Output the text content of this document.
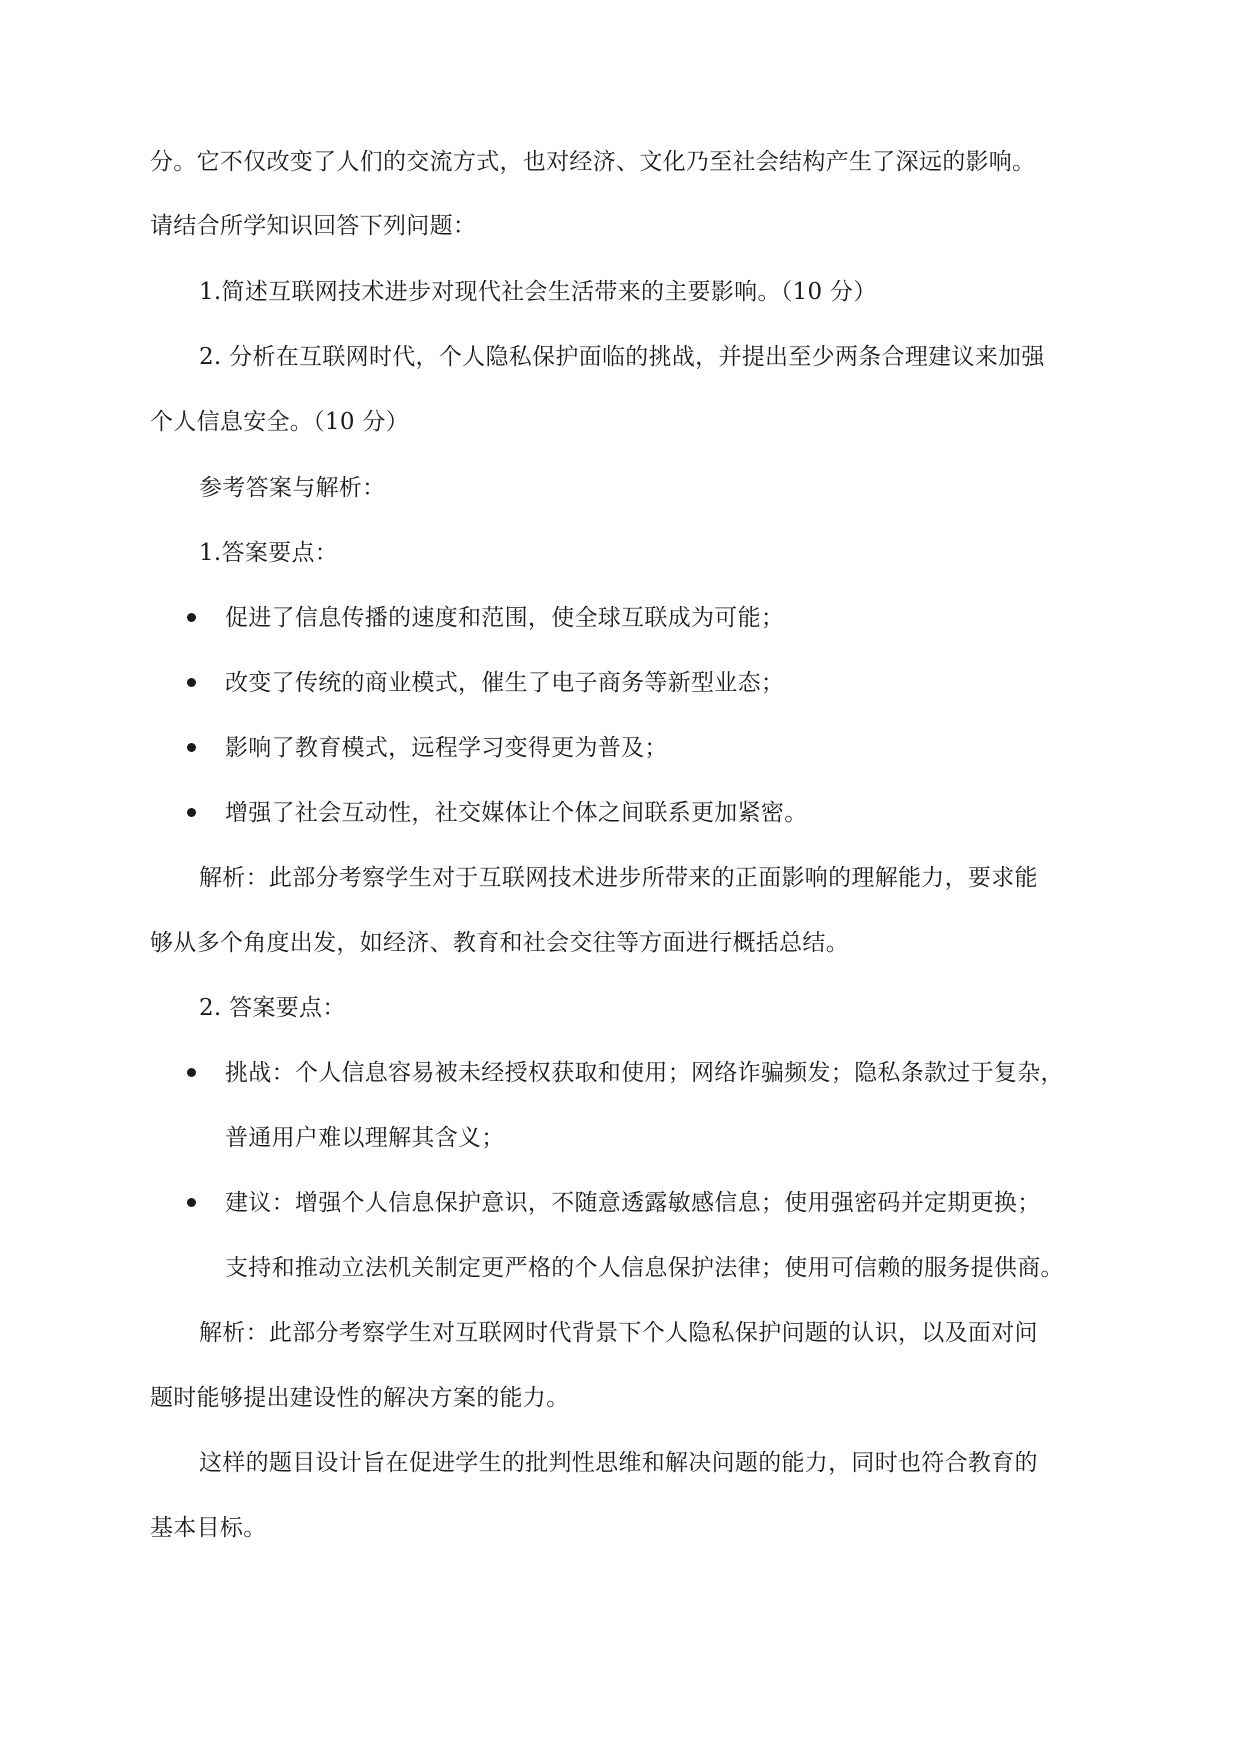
分。它不仅改变了人们的交流方式，也对经济、文化乃至社会结构产生了深远的影响。
请结合所学知识回答下列问题：
1.简述互联网技术进步对现代社会生活带来的主要影响。（10 分）
2. 分析在互联网时代，个人隐私保护面临的挑战，并提出至少两条合理建议来加强
个人信息安全。（10 分）
参考答案与解析：
1.答案要点：
促进了信息传播的速度和范围，使全球互联成为可能；
改变了传统的商业模式，催生了电子商务等新型业态；
影响了教育模式，远程学习变得更为普及；
增强了社会互动性，社交媒体让个体之间联系更加紧密。
解析：此部分考察学生对于互联网技术进步所带来的正面影响的理解能力，要求能
够从多个角度出发，如经济、教育和社会交往等方面进行概括总结。
2. 答案要点：
挑战：个人信息容易被未经授权获取和使用；网络诈骗频发；隐私条款过于复杂，
普通用户难以理解其含义；
建议：增强个人信息保护意识，不随意透露敏感信息；使用强密码并定期更换；
支持和推动立法机关制定更严格的个人信息保护法律；使用可信赖的服务提供商。
解析：此部分考察学生对互联网时代背景下个人隐私保护问题的认识，以及面对问
题时能够提出建设性的解决方案的能力。
这样的题目设计旨在促进学生的批判性思维和解决问题的能力，同时也符合教育的
基本目标。
